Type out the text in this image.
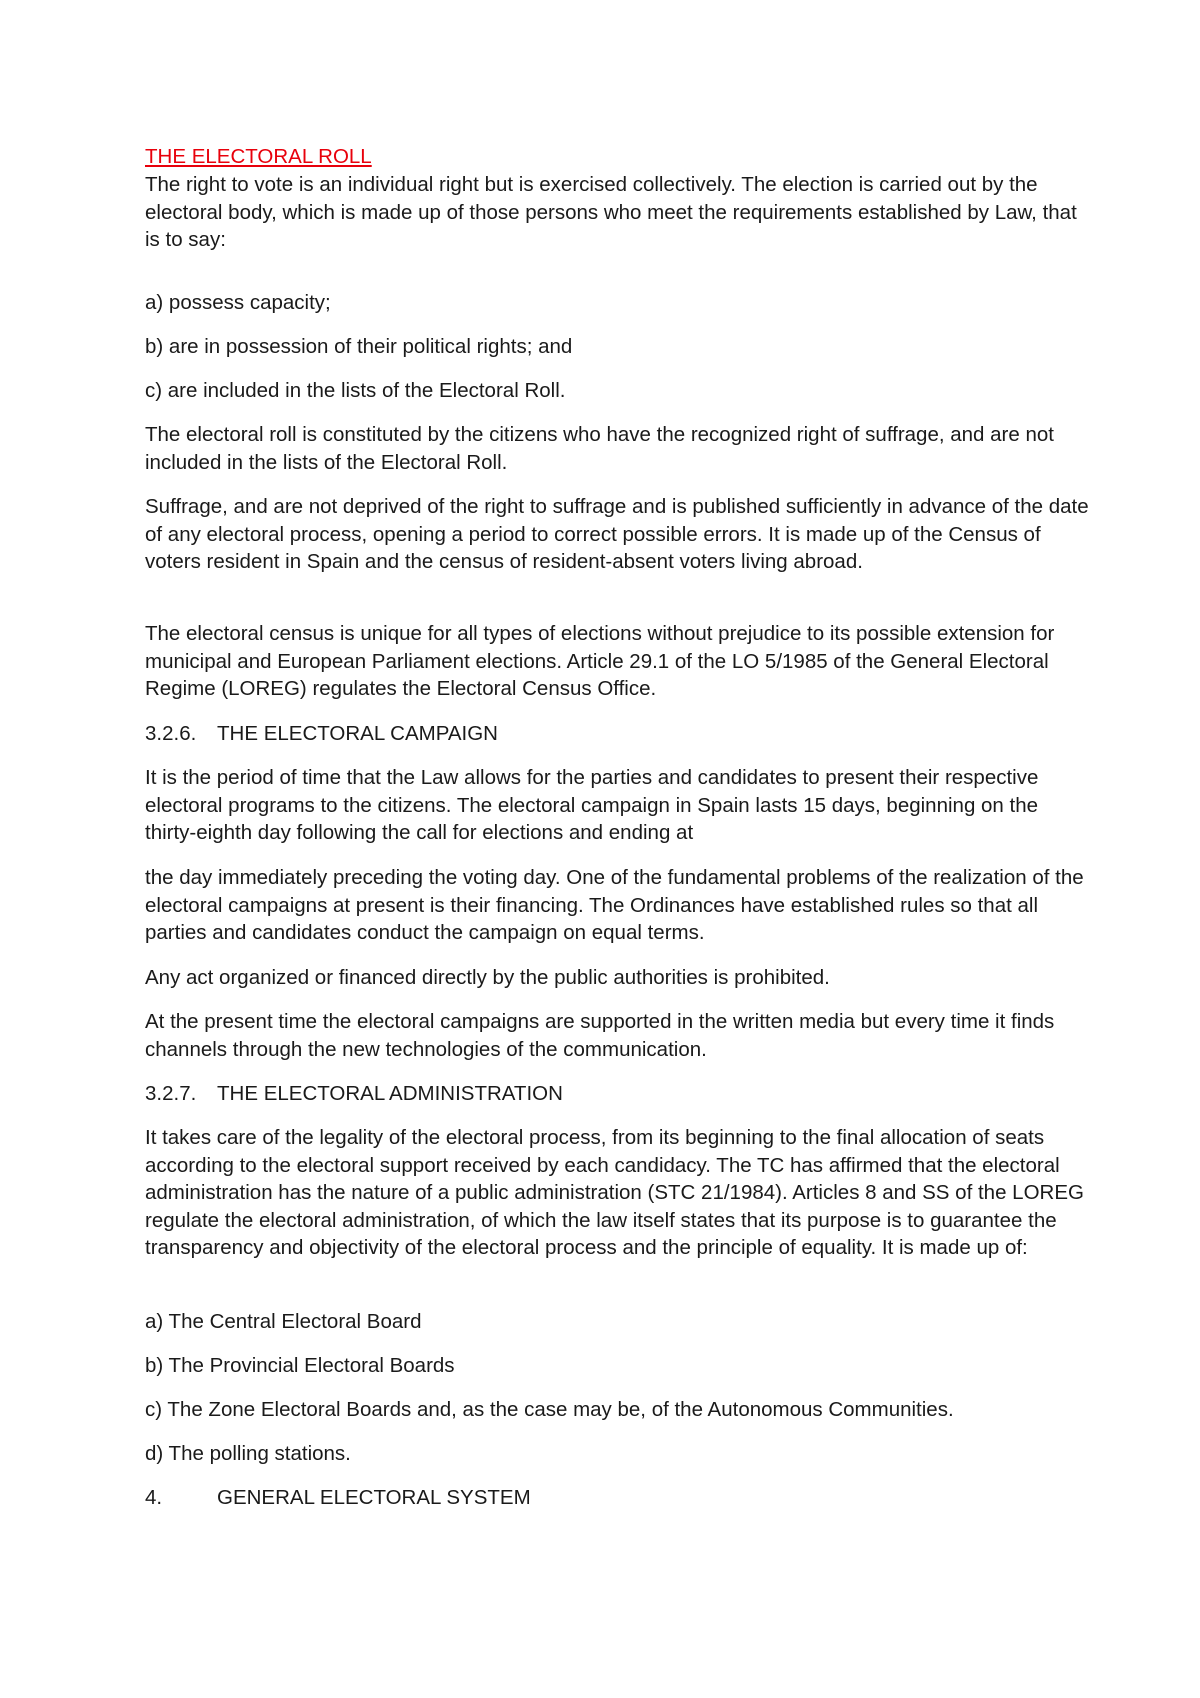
THE ELECTORAL ROLL

The right to vote is an individual right but is exercised collectively. The election is carried out by the electoral body, which is made up of those persons who meet the requirements established by Law, that is to say:

a) possess capacity;

b) are in possession of their political rights; and

c) are included in the lists of the Electoral Roll.

The electoral roll is constituted by the citizens who have the recognized right of suffrage, and are not included in the lists of the Electoral Roll.

Suffrage, and are not deprived of the right to suffrage and is published sufficiently in advance of the date of any electoral process, opening a period to correct possible errors. It is made up of the Census of voters resident in Spain and the census of resident-absent voters living abroad.

The electoral census is unique for all types of elections without prejudice to its possible extension for municipal and European Parliament elections. Article 29.1 of the LO 5/1985 of the General Electoral Regime (LOREG) regulates the Electoral Census Office.

3.2.6. THE ELECTORAL CAMPAIGN

It is the period of time that the Law allows for the parties and candidates to present their respective electoral programs to the citizens. The electoral campaign in Spain lasts 15 days, beginning on the thirty-eighth day following the call for elections and ending at

the day immediately preceding the voting day. One of the fundamental problems of the realization of the electoral campaigns at present is their financing. The Ordinances have established rules so that all parties and candidates conduct the campaign on equal terms.

Any act organized or financed directly by the public authorities is prohibited.

At the present time the electoral campaigns are supported in the written media but every time it finds channels through the new technologies of the communication.

3.2.7. THE ELECTORAL ADMINISTRATION

It takes care of the legality of the electoral process, from its beginning to the final allocation of seats according to the electoral support received by each candidacy. The TC has affirmed that the electoral administration has the nature of a public administration (STC 21/1984). Articles 8 and SS of the LOREG regulate the electoral administration, of which the law itself states that its purpose is to guarantee the transparency and objectivity of the electoral process and the principle of equality. It is made up of:

a) The Central Electoral Board

b) The Provincial Electoral Boards

c) The Zone Electoral Boards and, as the case may be, of the Autonomous Communities.

d) The polling stations.

4.	GENERAL ELECTORAL SYSTEM
